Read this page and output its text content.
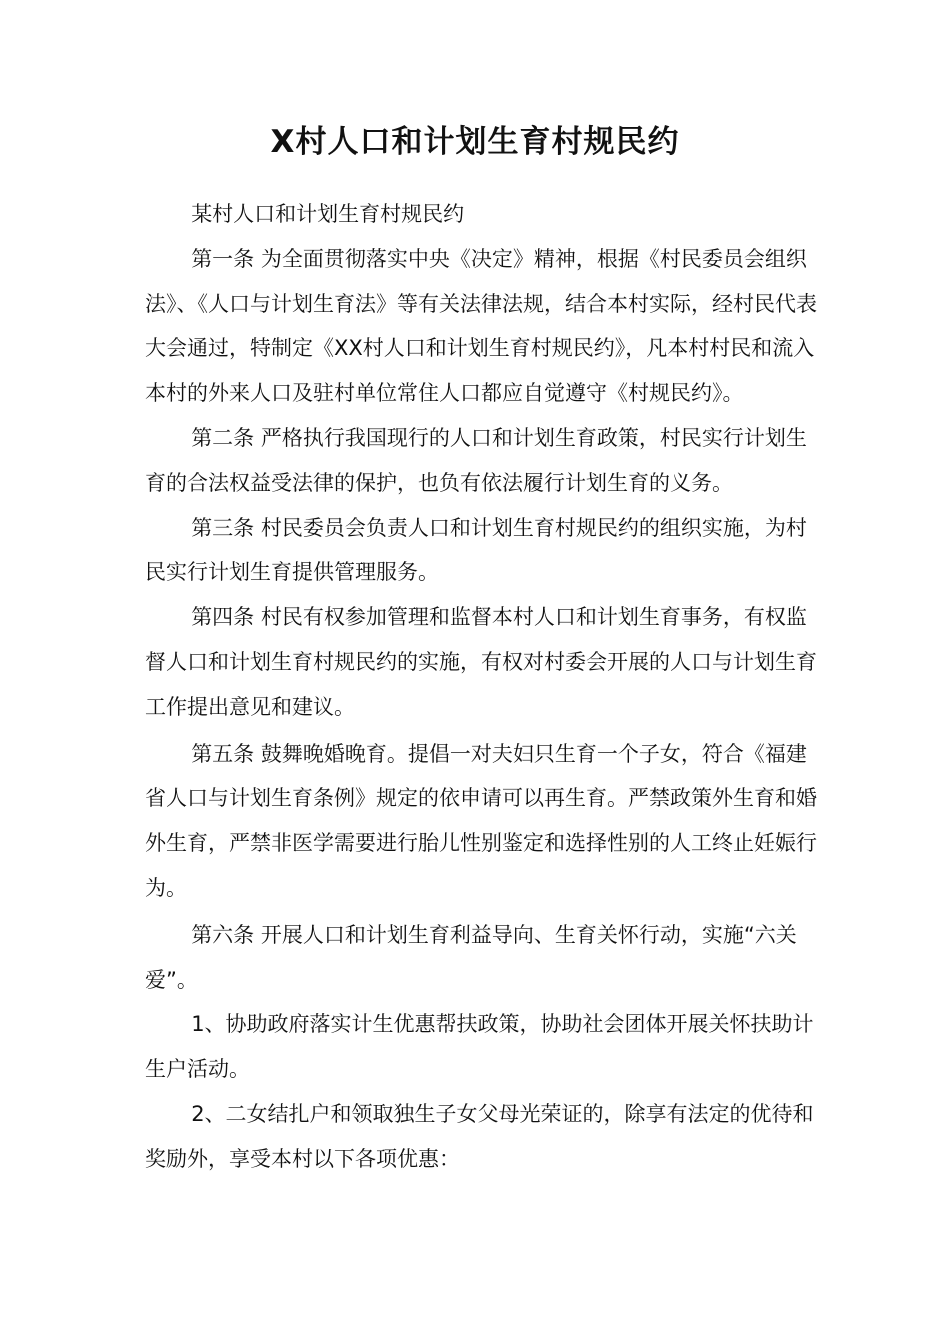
X村人口和计划生育村规民约

某村人口和计划生育村规民约

第一条 为全面贯彻落实中央《决定》精神，根据《村民委员会组织法》、《人口与计划生育法》等有关法律法规，结合本村实际，经村民代表大会通过，特制定《XX村人口和计划生育村规民约》，凡本村村民和流入本村的外来人口及驻村单位常住人口都应自觉遵守《村规民约》。

第二条 严格执行我国现行的人口和计划生育政策，村民实行计划生育的合法权益受法律的保护，也负有依法履行计划生育的义务。

第三条 村民委员会负责人口和计划生育村规民约的组织实施，为村民实行计划生育提供管理服务。

第四条 村民有权参加管理和监督本村人口和计划生育事务，有权监督人口和计划生育村规民约的实施，有权对村委会开展的人口与计划生育工作提出意见和建议。

第五条 鼓舞晚婚晚育。提倡一对夫妇只生育一个子女，符合《福建省人口与计划生育条例》规定的依申请可以再生育。严禁政策外生育和婚外生育，严禁非医学需要进行胎儿性别鉴定和选择性别的人工终止妊娠行为。

第六条 开展人口和计划生育利益导向、生育关怀行动，实施“六关爱”。

1、协助政府落实计生优惠帮扶政策，协助社会团体开展关怀扶助计生户活动。

2、二女结扎户和领取独生子女父母光荣证的，除享有法定的优待和奖励外，享受本村以下各项优惠：
